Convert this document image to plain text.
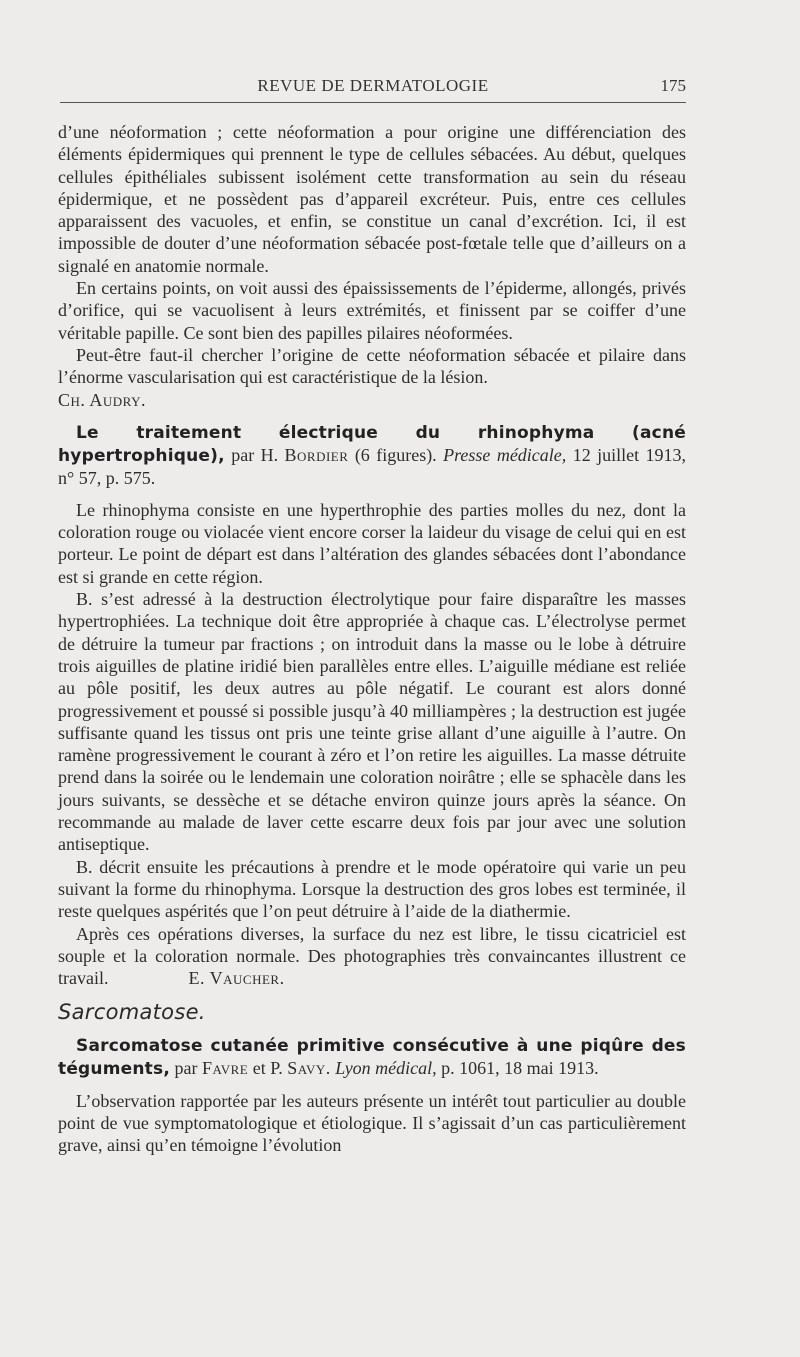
REVUE DE DERMATOLOGIE	175

d’une néoformation ; cette néoformation a pour origine une différenciation des éléments épidermiques qui prennent le type de cellules sébacées. Au début, quelques cellules épithéliales subissent isolément cette transformation au sein du réseau épidermique, et ne possèdent pas d’appareil excréteur. Puis, entre ces cellules apparaissent des vacuoles, et enfin, se constitue un canal d’excrétion. Ici, il est impossible de douter d’une néoformation sébacée post-fœtale telle que d’ailleurs on a signalé en anatomie normale.

En certains points, on voit aussi des épaississements de l’épiderme, allongés, privés d’orifice, qui se vacuolisent à leurs extrémités, et finissent par se coiffer d’une véritable papille. Ce sont bien des papilles pilaires néoformées.

Peut-être faut-il chercher l’origine de cette néoformation sébacée et pilaire dans l’énorme vascularisation qui est caractéristique de la lésion.

Ch. Audry.

Le traitement électrique du rhinophyma (acné hypertrophique), par H. Bordier (6 figures). Presse médicale, 12 juillet 1913, n° 57, p. 575.

Le rhinophyma consiste en une hyperthrophie des parties molles du nez, dont la coloration rouge ou violacée vient encore corser la laideur du visage de celui qui en est porteur. Le point de départ est dans l’altération des glandes sébacées dont l’abondance est si grande en cette région.

B. s’est adressé à la destruction électrolytique pour faire disparaître les masses hypertrophiées. La technique doit être appropriée à chaque cas. L’électrolyse permet de détruire la tumeur par fractions ; on introduit dans la masse ou le lobe à détruire trois aiguilles de platine iridié bien parallèles entre elles. L’aiguille médiane est reliée au pôle positif, les deux autres au pôle négatif. Le courant est alors donné progressivement et poussé si possible jusqu’à 40 milliampères ; la destruction est jugée suffisante quand les tissus ont pris une teinte grise allant d’une aiguille à l’autre. On ramène progressivement le courant à zéro et l’on retire les aiguilles. La masse détruite prend dans la soirée ou le lendemain une coloration noirâtre ; elle se sphacèle dans les jours suivants, se dessèche et se détache environ quinze jours après la séance. On recommande au malade de laver cette escarre deux fois par jour avec une solution antiseptique.

B. décrit ensuite les précautions à prendre et le mode opératoire qui varie un peu suivant la forme du rhinophyma. Lorsque la destruction des gros lobes est terminée, il reste quelques aspérités que l’on peut détruire à l’aide de la diathermie.

Après ces opérations diverses, la surface du nez est libre, le tissu cicatriciel est souple et la coloration normale. Des photographies très convaincantes illustrent ce travail.	E. Vaucher.

Sarcomatose.

Sarcomatose cutanée primitive consécutive à une piqûre des téguments, par Favre et P. Savy. Lyon médical, p. 1061, 18 mai 1913.

L’observation rapportée par les auteurs présente un intérêt tout particulier au double point de vue symptomatologique et étiologique. Il s’agissait d’un cas particulièrement grave, ainsi qu’en témoigne l’évolution
